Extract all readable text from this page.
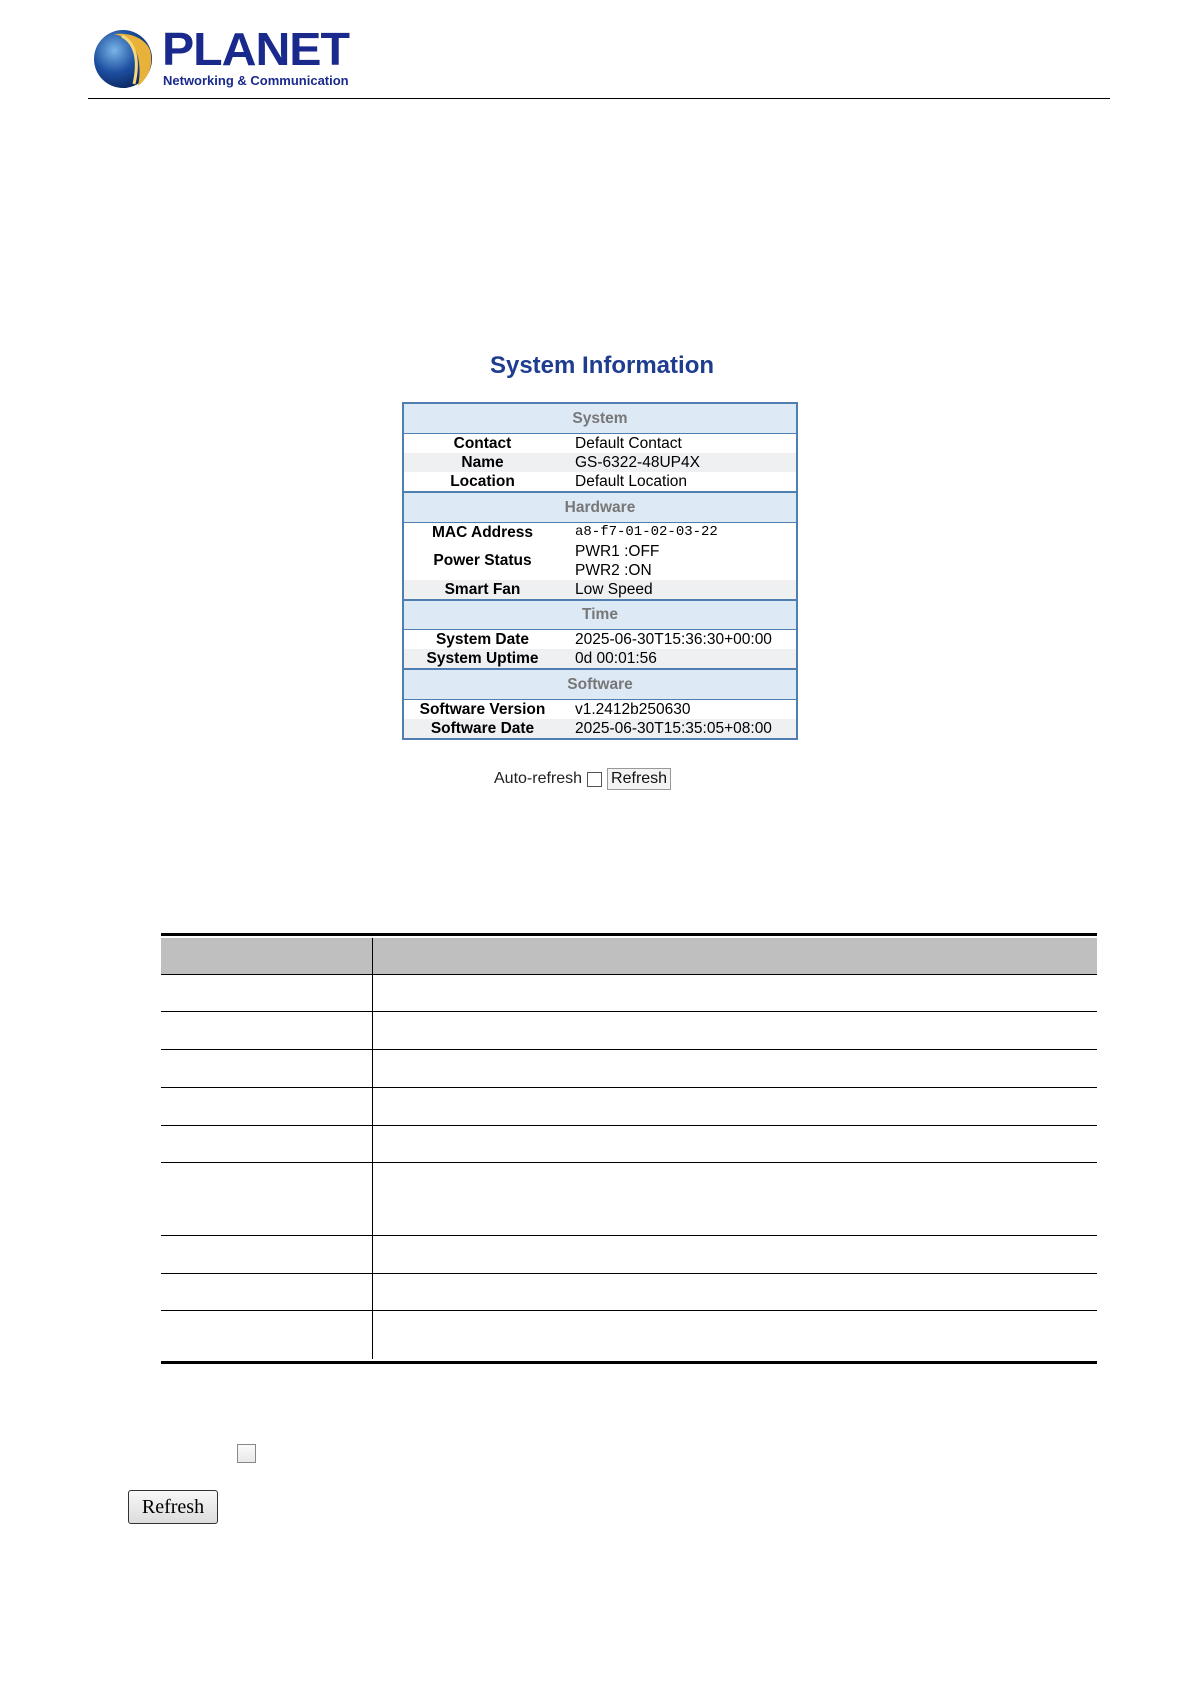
PLANET
Networking & Communication
System Information
System	
Contact	Default Contact
Name	GS-6322-48UP4X
Location	Default Location
Hardware	
MAC Address	a8-f7-01-02-03-22
Power Status	PWR1 :OFF
PWR2 :ON

Smart Fan	Low Speed
Time	
System Date	2025-06-30T15:36:30+00:00
System Uptime	0d 00:01:56
Software	
Software Version	v1.2412b250630
Software Date	2025-06-30T15:35:05+08:00
Auto-refresh Refresh
Refresh
